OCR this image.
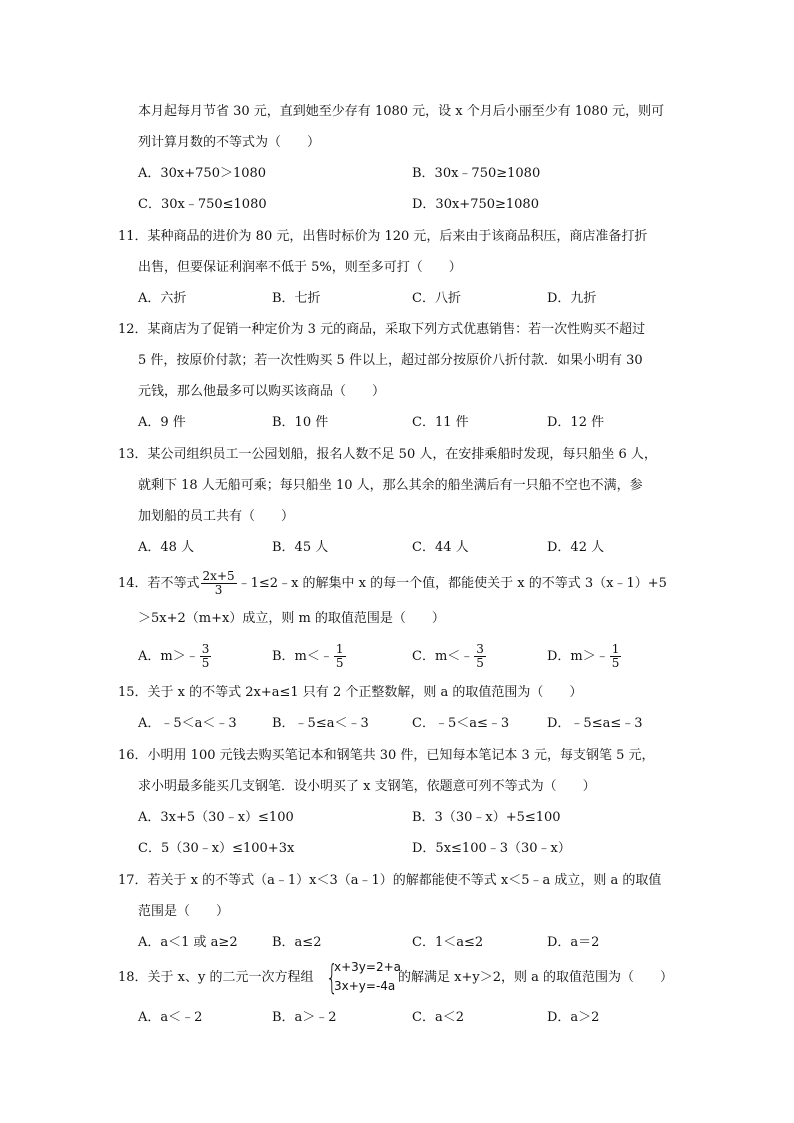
本月起每月节省 30 元，直到她至少存有 1080 元，设 x 个月后小丽至少有 1080 元，则可
列计算月数的不等式为（　　）
A．30x+750＞1080	B．30x﹣750≥1080
C．30x﹣750≤1080	D．30x+750≥1080
11．某种商品的进价为 80 元，出售时标价为 120 元，后来由于该商品积压，商店准备打折
出售，但要保证利润率不低于 5%，则至多可打（　　）
A．六折	B．七折	C．八折	D．九折
12．某商店为了促销一种定价为 3 元的商品，采取下列方式优惠销售：若一次性购买不超过
5 件，按原价付款；若一次性购买 5 件以上，超过部分按原价八折付款．如果小明有 30
元钱，那么他最多可以购买该商品（　　）
A．9 件	B．10 件	C．11 件	D．12 件
13．某公司组织员工一公园划船，报名人数不足 50 人，在安排乘船时发现，每只船坐 6 人，
就剩下 18 人无船可乘；每只船坐 10 人，那么其余的船坐满后有一只船不空也不满，参
加划船的员工共有（　　）
A．48 人	B．45 人	C．44 人	D．42 人
14．若不等式 $\frac{2x+5}{3}$ ﹣1≤2﹣x 的解集中 x 的每一个值，都能使关于 x 的不等式 3（x﹣1）+5
＞5x+2（m+x）成立，则 m 的取值范围是（　　）
A．m＞﹣ $\frac{3}{5}$	B．m＜﹣ $\frac{1}{5}$	C．m＜﹣ $\frac{3}{5}$	D．m＞﹣ $\frac{1}{5}$
15．关于 x 的不等式 2x+a≤1 只有 2 个正整数解，则 a 的取值范围为（　　）
A．﹣5＜a＜﹣3	B．﹣5≤a＜﹣3	C．﹣5＜a≤﹣3	D．﹣5≤a≤﹣3
16．小明用 100 元钱去购买笔记本和钢笔共 30 件，已知每本笔记本 3 元，每支钢笔 5 元，
求小明最多能买几支钢笔．设小明买了 x 支钢笔，依题意可列不等式为（　　）
A．3x+5（30﹣x）≤100	B．3（30﹣x）+5≤100
C．5（30﹣x）≤100+3x	D．5x≤100﹣3（30﹣x）
17．若关于 x 的不等式（a﹣1）x＜3（a﹣1）的解都能使不等式 x＜5﹣a 成立，则 a 的取值
范围是（　　）
A．a＜1 或 a≥2	B．a≤2	C．1＜a≤2	D．a＝2
18．关于 x、y 的二元一次方程组 {
x+3y=2+a
3x+y=-4a
的解满足 x+y＞2，则 a 的取值范围为（　　）
A．a＜﹣2	B．a＞﹣2	C．a＜2	D．a＞2
